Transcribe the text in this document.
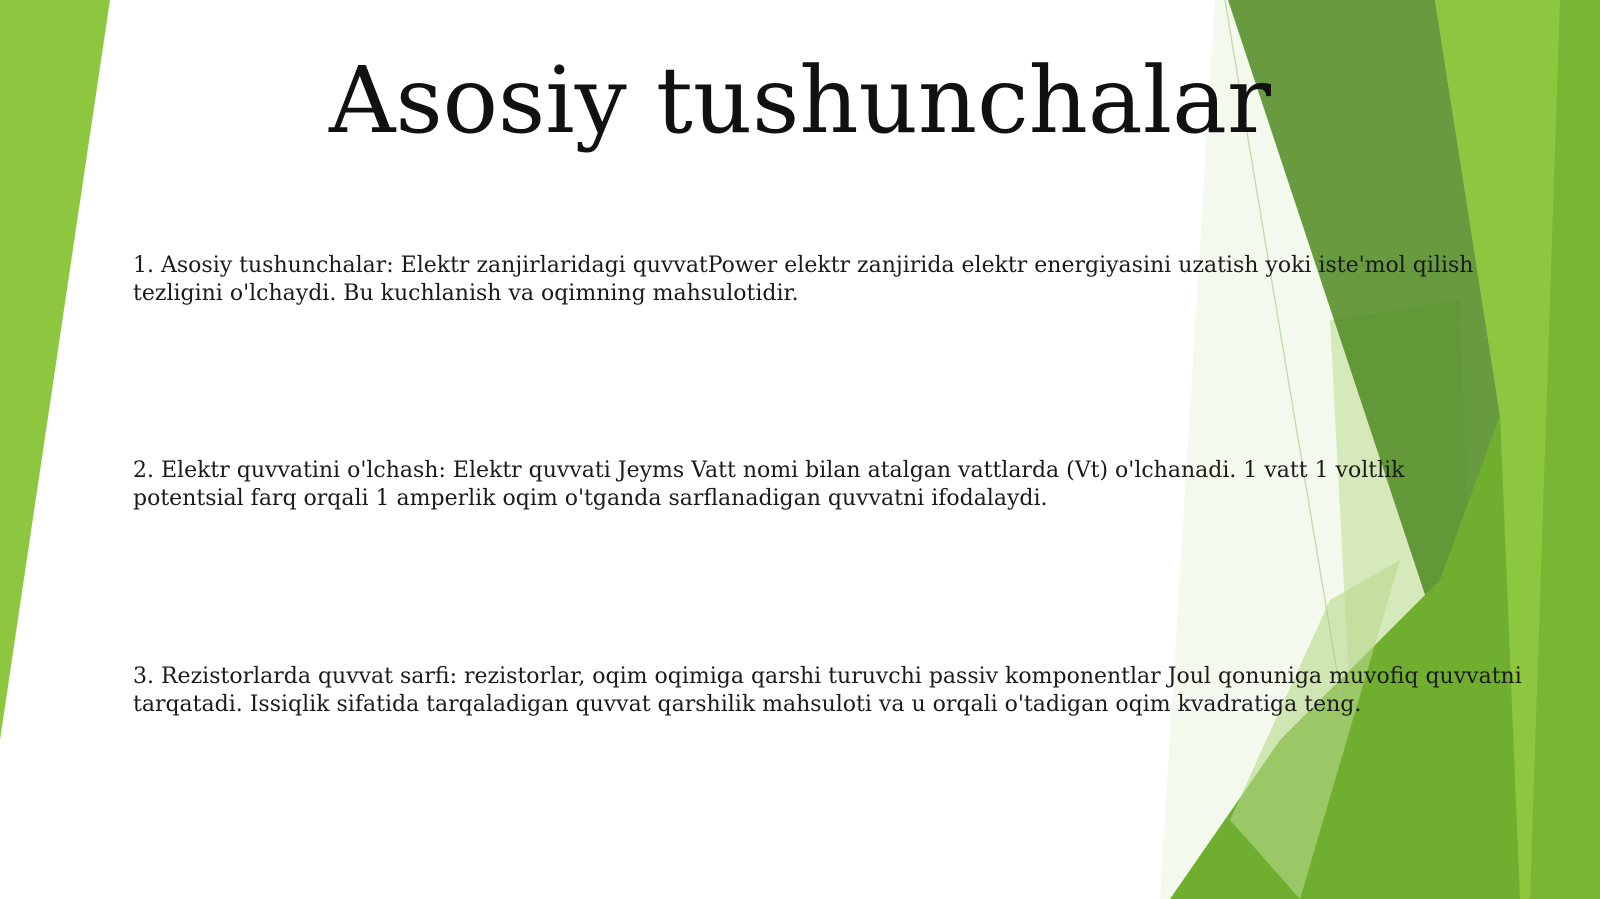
Asosiy tushunchalar

1. Asosiy tushunchalar: Elektr zanjirlaridagi quvvatPower elektr zanjirida elektr energiyasini uzatish yoki iste'mol qilish tezligini o'lchaydi. Bu kuchlanish va oqimning mahsulotidir.

2. Elektr quvvatini o'lchash: Elektr quvvati Jeyms Vatt nomi bilan atalgan vattlarda (Vt) o'lchanadi. 1 vatt 1 voltlik potentsial farq orqali 1 amperlik oqim o'tganda sarflanadigan quvvatni ifodalaydi.

3. Rezistorlarda quvvat sarfi: rezistorlar, oqim oqimiga qarshi turuvchi passiv komponentlar Joul qonuniga muvofiq quvvatni tarqatadi. Issiqlik sifatida tarqaladigan quvvat qarshilik mahsuloti va u orqali o'tadigan oqim kvadratiga teng.
